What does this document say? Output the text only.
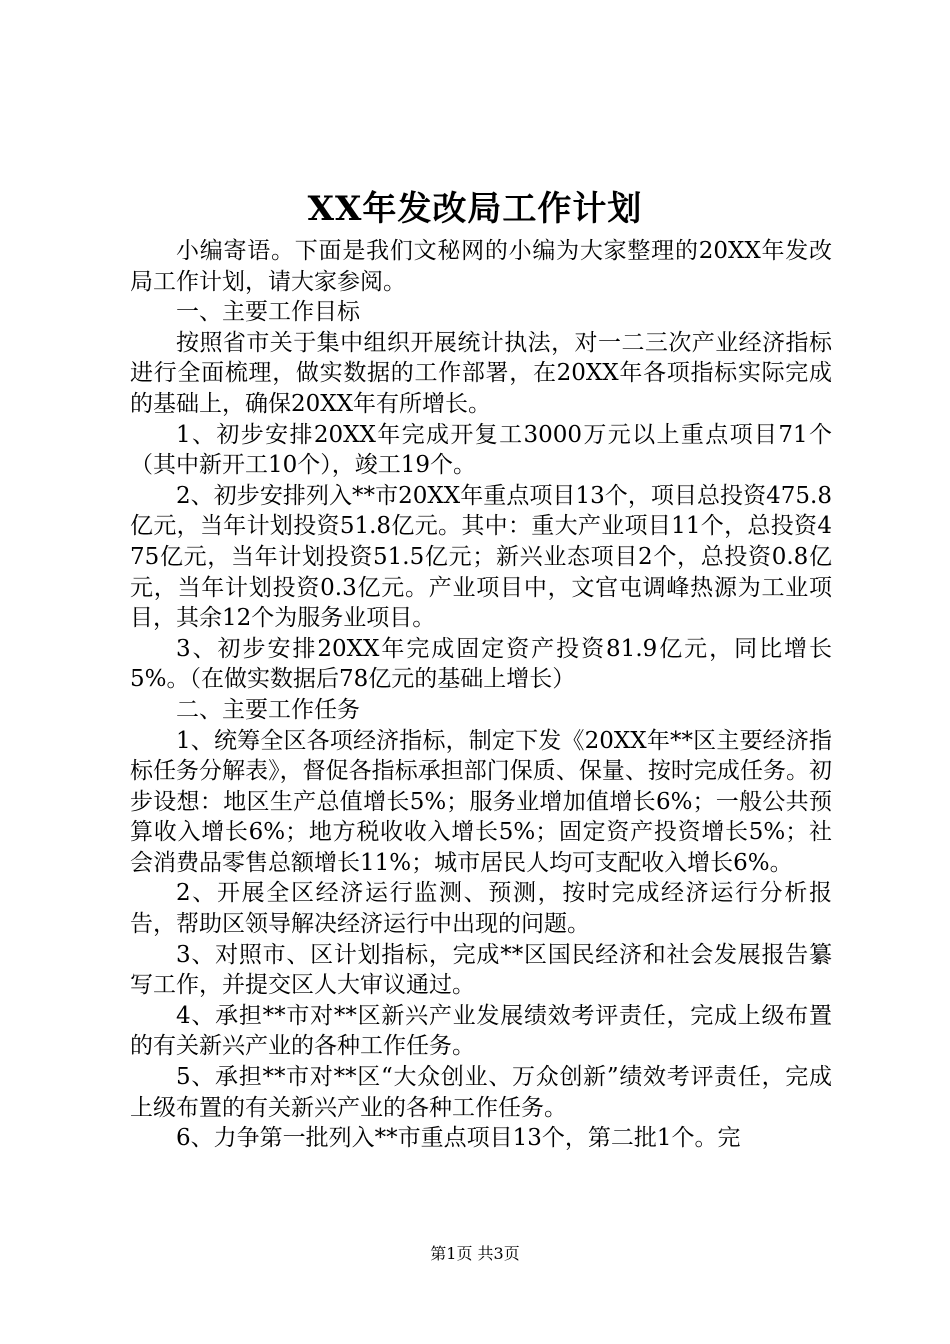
XX年发改局工作计划

小编寄语。下面是我们文秘网的小编为大家整理的20XX年发改局工作计划，请大家参阅。

一、主要工作目标

按照省市关于集中组织开展统计执法，对一二三次产业经济指标进行全面梳理，做实数据的工作部署，在20XX年各项指标实际完成的基础上，确保20XX年有所增长。

1、初步安排20XX年完成开复工3000万元以上重点项目71个（其中新开工10个），竣工19个。

2、初步安排列入**市20XX年重点项目13个，项目总投资475.8亿元，当年计划投资51.8亿元。其中：重大产业项目11个，总投资475亿元，当年计划投资51.5亿元；新兴业态项目2个，总投资0.8亿元，当年计划投资0.3亿元。产业项目中，文官屯调峰热源为工业项目，其余12个为服务业项目。

3、初步安排20XX年完成固定资产投资81.9亿元，同比增长5%。（在做实数据后78亿元的基础上增长）

二、主要工作任务

1、统筹全区各项经济指标，制定下发《20XX年**区主要经济指标任务分解表》，督促各指标承担部门保质、保量、按时完成任务。初步设想：地区生产总值增长5%；服务业增加值增长6%；一般公共预算收入增长6%；地方税收收入增长5%；固定资产投资增长5%；社会消费品零售总额增长11%；城市居民人均可支配收入增长6%。

2、开展全区经济运行监测、预测，按时完成经济运行分析报告，帮助区领导解决经济运行中出现的问题。

3、对照市、区计划指标，完成**区国民经济和社会发展报告纂写工作，并提交区人大审议通过。

4、承担**市对**区新兴产业发展绩效考评责任，完成上级布置的有关新兴产业的各种工作任务。

5、承担**市对**区“大众创业、万众创新”绩效考评责任，完成上级布置的有关新兴产业的各种工作任务。

6、力争第一批列入**市重点项目13个，第二批1个。完

第1页 共3页
